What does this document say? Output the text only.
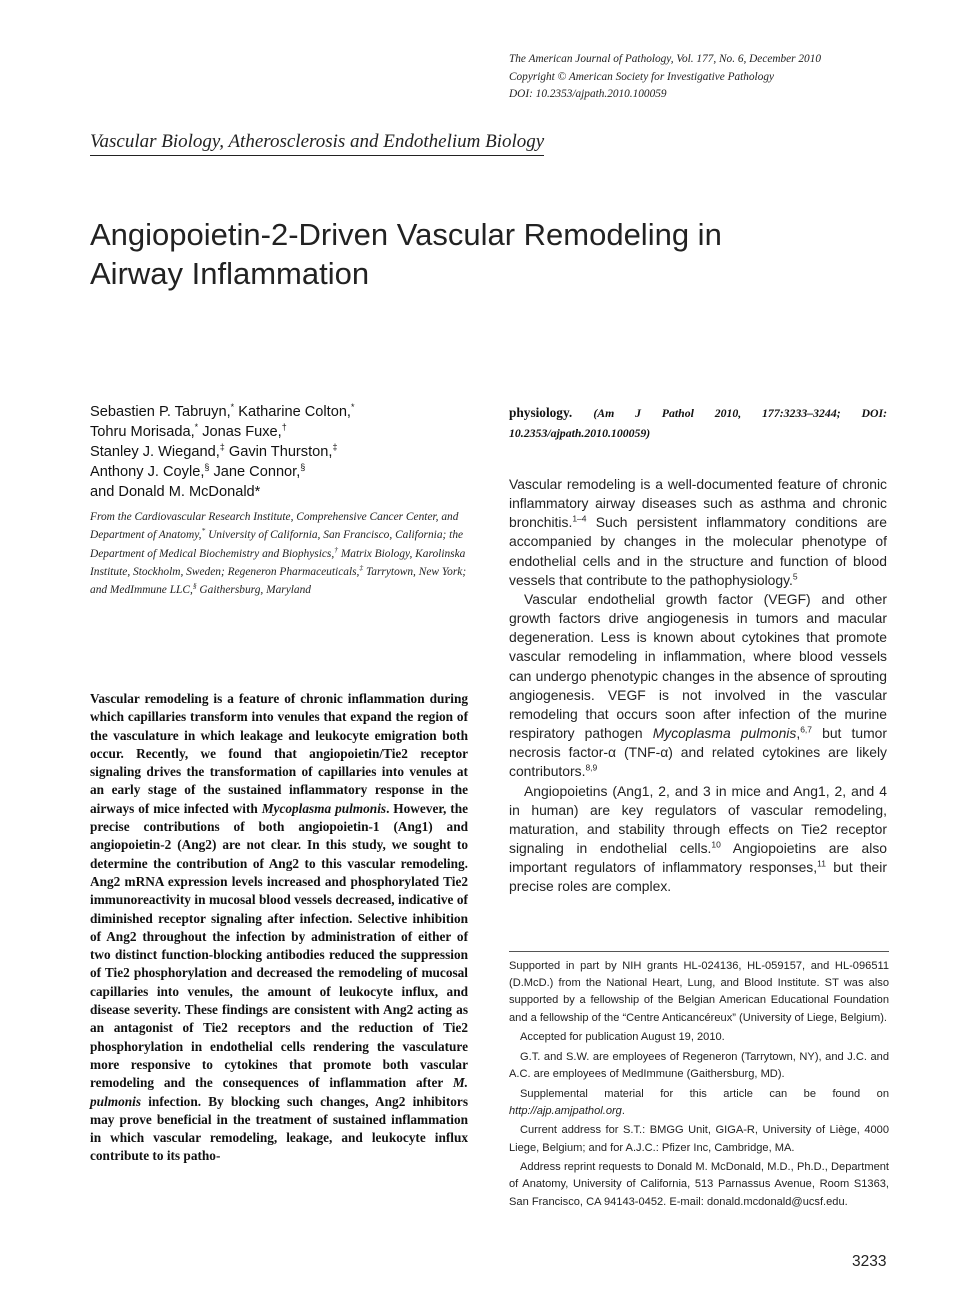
The American Journal of Pathology, Vol. 177, No. 6, December 2010
Copyright © American Society for Investigative Pathology
DOI: 10.2353/ajpath.2010.100059
Vascular Biology, Atherosclerosis and Endothelium Biology
Angiopoietin-2-Driven Vascular Remodeling in
Airway Inflammation
Sebastien P. Tabruyn,* Katharine Colton,*
Tohru Morisada,* Jonas Fuxe,†
Stanley J. Wiegand,‡ Gavin Thurston,‡
Anthony J. Coyle,§ Jane Connor,§
and Donald M. McDonald*
From the Cardiovascular Research Institute, Comprehensive Cancer Center, and Department of Anatomy,* University of California, San Francisco, California; the Department of Medical Biochemistry and Biophysics,† Matrix Biology, Karolinska Institute, Stockholm, Sweden; Regeneron Pharmaceuticals,‡ Tarrytown, New York; and MedImmune LLC,§ Gaithersburg, Maryland

Vascular remodeling is a feature of chronic inflammation during which capillaries transform into venules that expand the region of the vasculature in which leakage and leukocyte emigration both occur. Recently, we found that angiopoietin/Tie2 receptor signaling drives the transformation of capillaries into venules at an early stage of the sustained inflammatory response in the airways of mice infected with Mycoplasma pulmonis. However, the precise contributions of both angiopoietin-1 (Ang1) and angiopoietin-2 (Ang2) are not clear. In this study, we sought to determine the contribution of Ang2 to this vascular remodeling. Ang2 mRNA expression levels increased and phosphorylated Tie2 immunoreactivity in mucosal blood vessels decreased, indicative of diminished receptor signaling after infection. Selective inhibition of Ang2 throughout the infection by administration of either of two distinct function-blocking antibodies reduced the suppression of Tie2 phosphorylation and decreased the remodeling of mucosal capillaries into venules, the amount of leukocyte influx, and disease severity. These findings are consistent with Ang2 acting as an antagonist of Tie2 receptors and the reduction of Tie2 phosphorylation in endothelial cells rendering the vasculature more responsive to cytokines that promote both vascular remodeling and the consequences of inflammation after M. pulmonis infection. By blocking such changes, Ang2 inhibitors may prove beneficial in the treatment of sustained inflammation in which vascular remodeling, leakage, and leukocyte influx contribute to its patho-

physiology. (Am J Pathol 2010, 177:3233–3244; DOI: 10.2353/ajpath.2010.100059)

Vascular remodeling is a well-documented feature of chronic inflammatory airway diseases such as asthma and chronic bronchitis.$^{1-4}$ Such persistent inflammatory conditions are accompanied by changes in the molecular phenotype of endothelial cells and in the structure and function of blood vessels that contribute to the pathophysiology.$^5$

Vascular endothelial growth factor (VEGF) and other growth factors drive angiogenesis in tumors and macular degeneration. Less is known about cytokines that promote vascular remodeling in inflammation, where blood vessels can undergo phenotypic changes in the absence of sprouting angiogenesis. VEGF is not involved in the vascular remodeling that occurs soon after infection of the murine respiratory pathogen Mycoplasma pulmonis,$^{6,7}$ but tumor necrosis factor-α (TNF-α) and related cytokines are likely contributors.$^{8,9}$

Angiopoietins (Ang1, 2, and 3 in mice and Ang1, 2, and 4 in human) are key regulators of vascular remodeling, maturation, and stability through effects on Tie2 receptor signaling in endothelial cells.$^{10}$ Angiopoietins are also important regulators of inflammatory responses,$^{11}$ but their precise roles are complex.

Supported in part by NIH grants HL-024136, HL-059157, and HL-096511 (D.McD.) from the National Heart, Lung, and Blood Institute. ST was also supported by a fellowship of the Belgian American Educational Foundation and a fellowship of the “Centre Anticancéreux” (University of Liege, Belgium).

Accepted for publication August 19, 2010.

G.T. and S.W. are employees of Regeneron (Tarrytown, NY), and J.C. and A.C. are employees of MedImmune (Gaithersburg, MD).

Supplemental material for this article can be found on http://ajp.amjpathol.org.

Current address for S.T.: BMGG Unit, GIGA-R, University of Liège, 4000 Liege, Belgium; and for A.J.C.: Pfizer Inc, Cambridge, MA.

Address reprint requests to Donald M. McDonald, M.D., Ph.D., Department of Anatomy, University of California, 513 Parnassus Avenue, Room S1363, San Francisco, CA 94143-0452. E-mail: donald.mcdonald@ucsf.edu.

3233
